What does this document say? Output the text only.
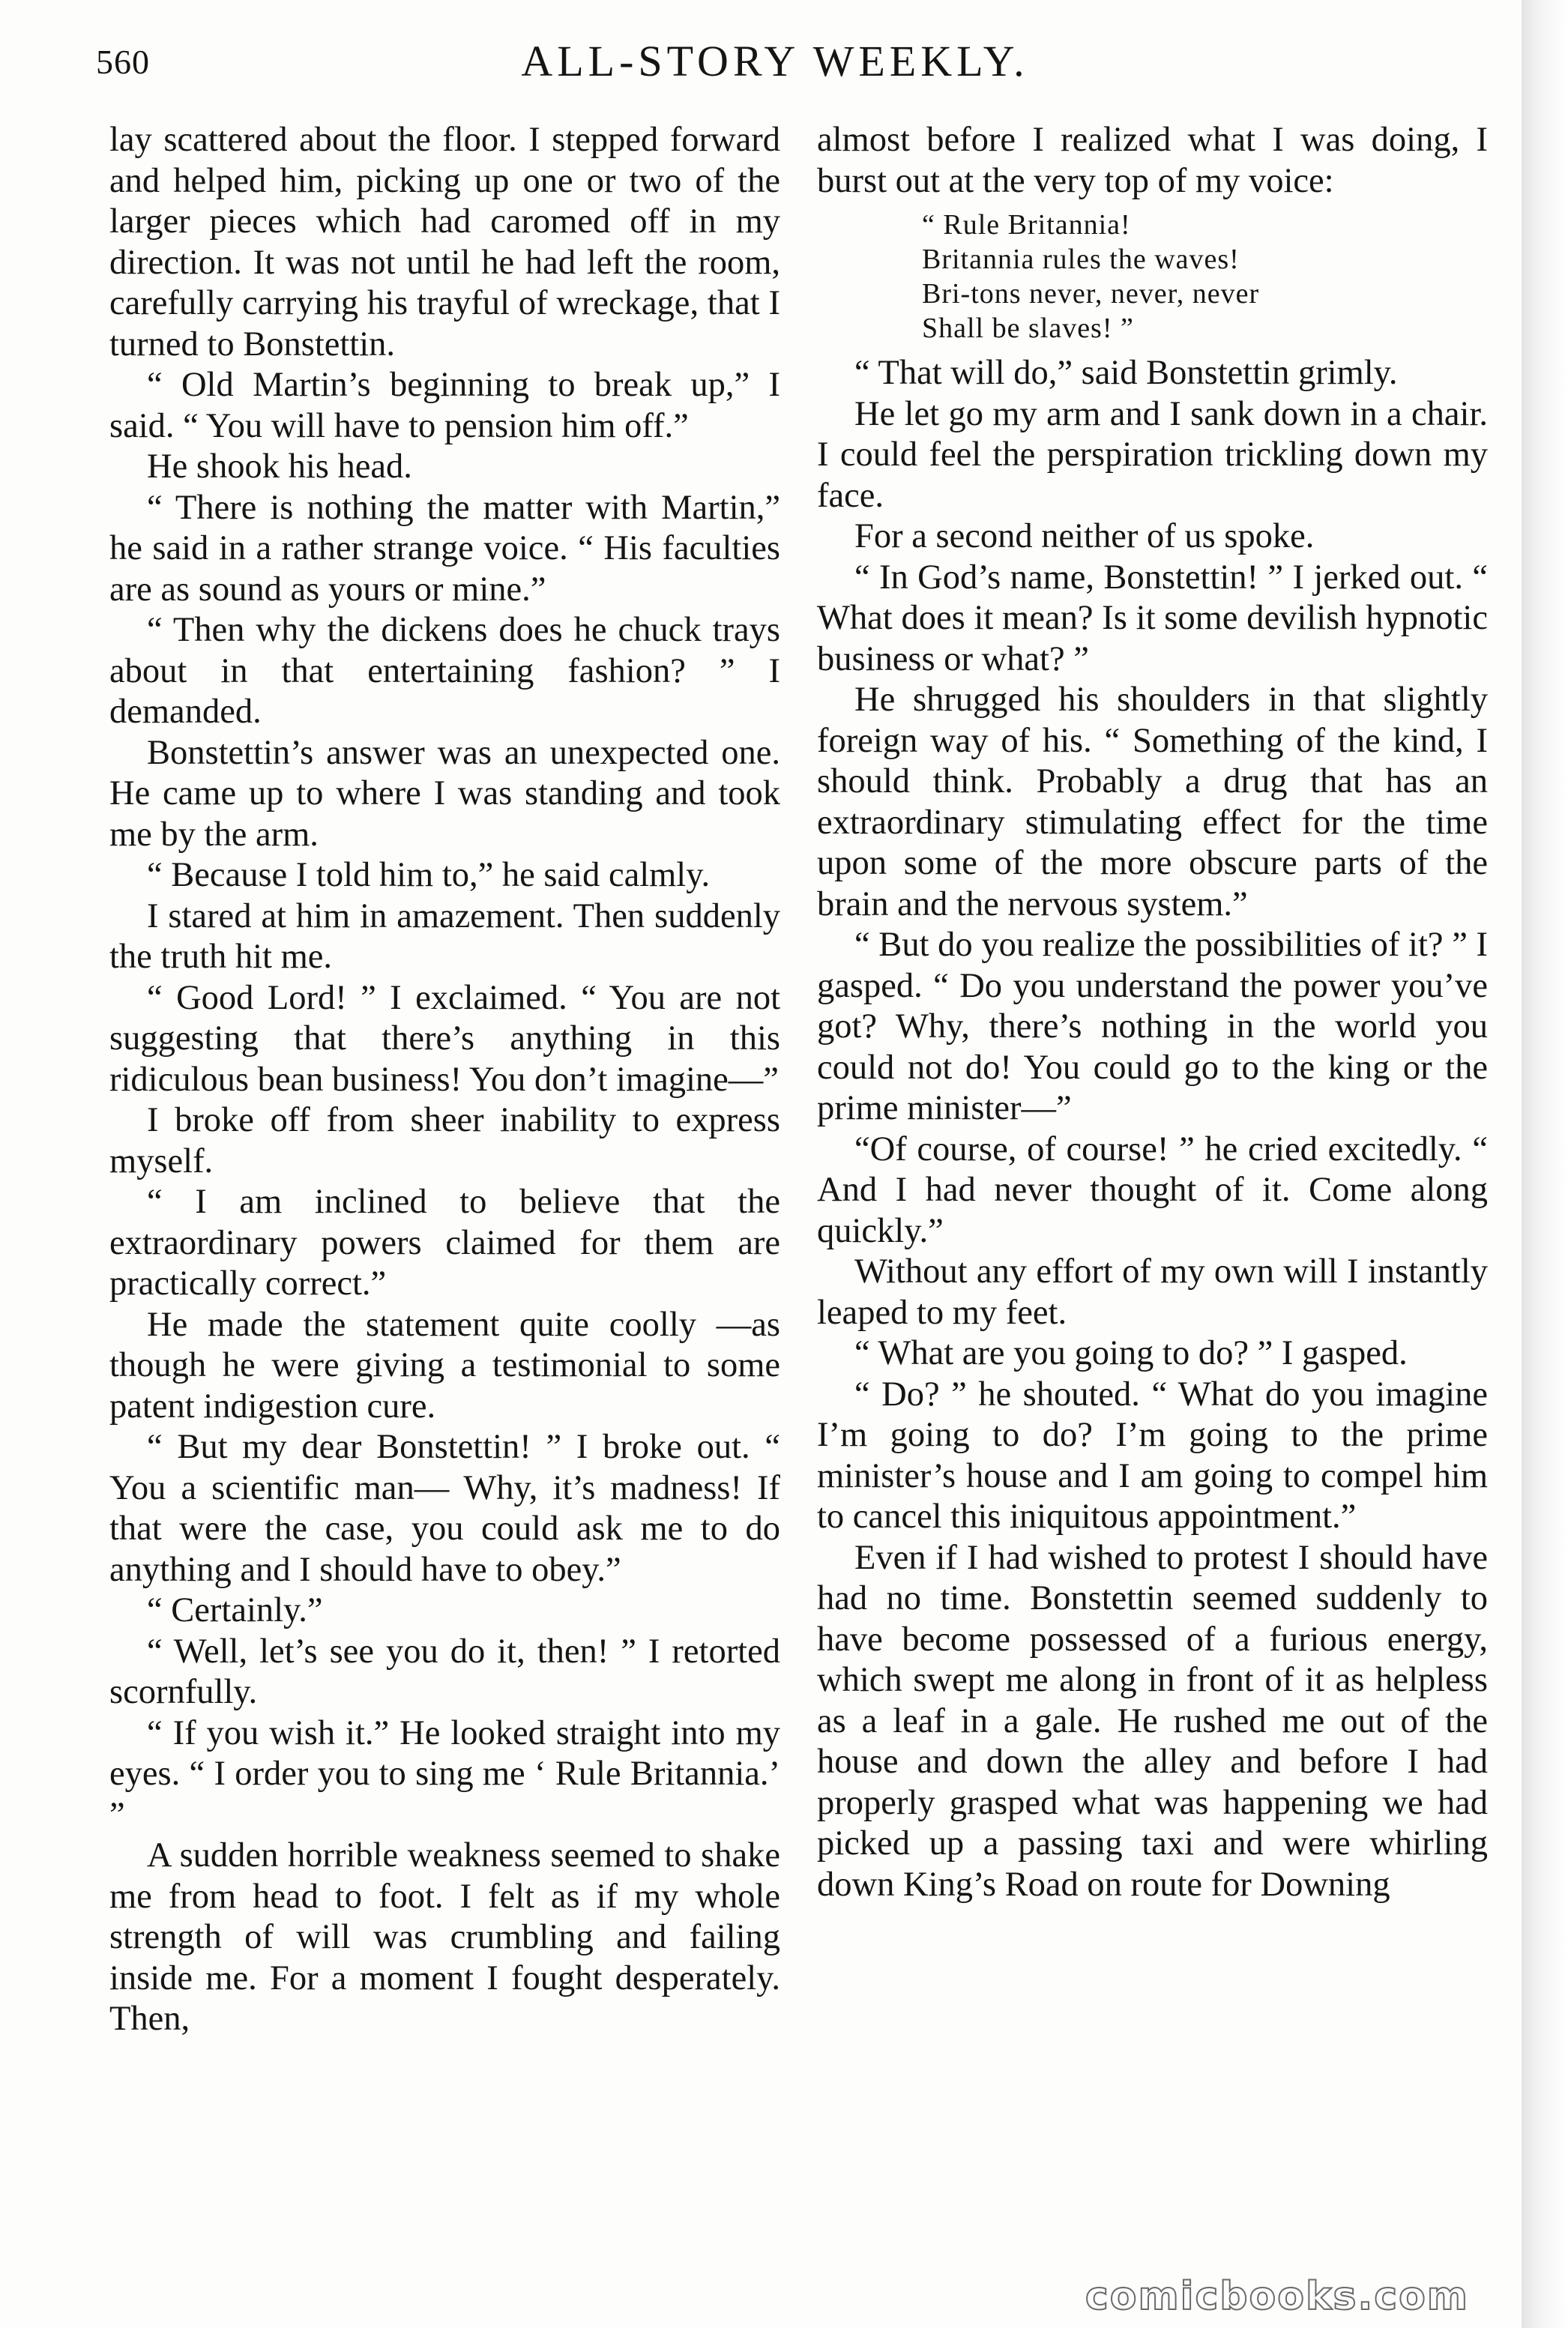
560	ALL-STORY WEEKLY.

lay scattered about the floor. I stepped forward and helped him, picking up one or two of the larger pieces which had caromed off in my direction. It was not until he had left the room, carefully carrying his trayful of wreckage, that I turned to Bonstettin.

“ Old Martin’s beginning to break up,” I said. “ You will have to pension him off.”

He shook his head.

“ There is nothing the matter with Martin,” he said in a rather strange voice. “ His faculties are as sound as yours or mine.”

“ Then why the dickens does he chuck trays about in that entertaining fashion? ” I demanded.

Bonstettin’s answer was an unexpected one. He came up to where I was standing and took me by the arm.

“ Because I told him to,” he said calmly.

I stared at him in amazement. Then suddenly the truth hit me.

“ Good Lord! ” I exclaimed. “ You are not suggesting that there’s anything in this ridiculous bean business! You don’t imagine—”

I broke off from sheer inability to express myself.

“ I am inclined to believe that the extraordinary powers claimed for them are practically correct.”

He made the statement quite coolly —as though he were giving a testimonial to some patent indigestion cure.

“ But my dear Bonstettin! ” I broke out. “ You a scientific man— Why, it’s madness! If that were the case, you could ask me to do anything and I should have to obey.”

“ Certainly.”

“ Well, let’s see you do it, then! ” I retorted scornfully.

“ If you wish it.” He looked straight into my eyes. “ I order you to sing me ‘ Rule Britannia.’ ”

A sudden horrible weakness seemed to shake me from head to foot. I felt as if my whole strength of will was crumbling and failing inside me. For a moment I fought desperately. Then,

almost before I realized what I was doing, I burst out at the very top of my voice:

“ Rule Britannia!
Britannia rules the waves!
Bri-tons never, never, never
Shall be slaves! ”

“ That will do,” said Bonstettin grimly.

He let go my arm and I sank down in a chair. I could feel the perspiration trickling down my face.

For a second neither of us spoke.

“ In God’s name, Bonstettin! ” I jerked out. “ What does it mean? Is it some devilish hypnotic business or what? ”

He shrugged his shoulders in that slightly foreign way of his. “ Something of the kind, I should think. Probably a drug that has an extraordinary stimulating effect for the time upon some of the more obscure parts of the brain and the nervous system.”

“ But do you realize the possibilities of it? ” I gasped. “ Do you understand the power you’ve got? Why, there’s nothing in the world you could not do! You could go to the king or the prime minister—”

“Of course, of course! ” he cried excitedly. “ And I had never thought of it. Come along quickly.”

Without any effort of my own will I instantly leaped to my feet.

“ What are you going to do? ” I gasped.

“ Do? ” he shouted. “ What do you imagine I’m going to do? I’m going to the prime minister’s house and I am going to compel him to cancel this iniquitous appointment.”

Even if I had wished to protest I should have had no time. Bonstettin seemed suddenly to have become possessed of a furious energy, which swept me along in front of it as helpless as a leaf in a gale. He rushed me out of the house and down the alley and before I had properly grasped what was happening we had picked up a passing taxi and were whirling down King’s Road on route for Downing

comicbooks.com
